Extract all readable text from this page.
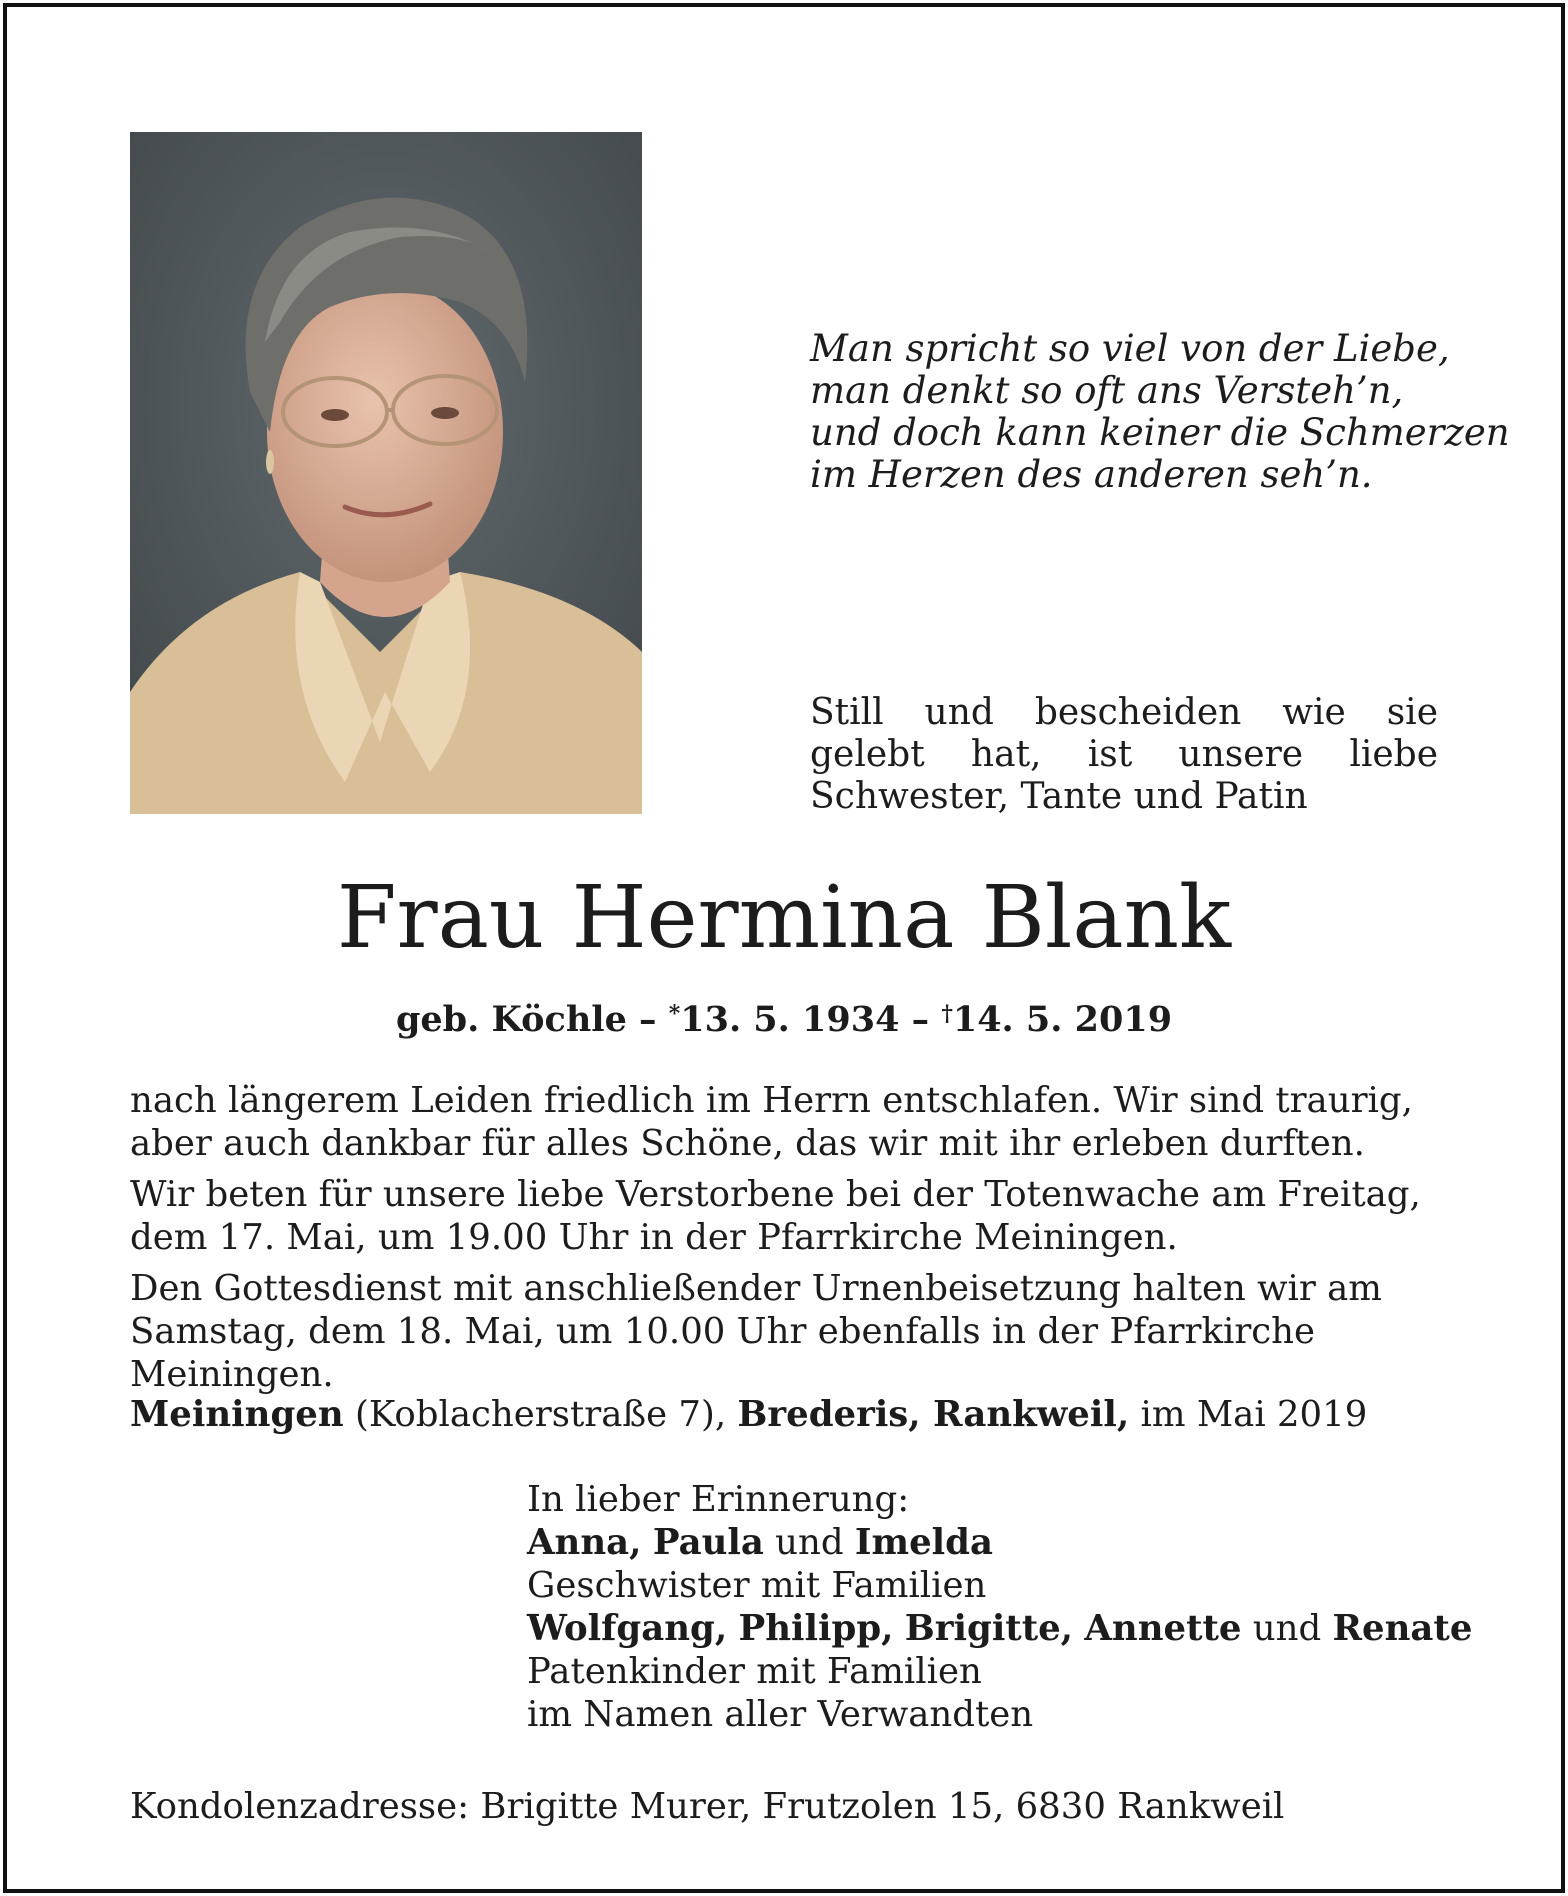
Man spricht so viel von der Liebe,
man denkt so oft ans Versteh’n,
und doch kann keiner die Schmerzen
im Herzen des anderen seh’n.

Still und bescheiden wie sie gelebt hat, ist unsere liebe Schwester, Tante und Patin

Frau Hermina Blank

geb. Köchle – *13. 5. 1934 – †14. 5. 2019

nach längerem Leiden friedlich im Herrn entschlafen. Wir sind traurig, aber auch dankbar für alles Schöne, das wir mit ihr erleben durften.

Wir beten für unsere liebe Verstorbene bei der Totenwache am Freitag, dem 17. Mai, um 19.00 Uhr in der Pfarrkirche Meiningen.

Den Gottesdienst mit anschließender Urnenbeisetzung halten wir am Samstag, dem 18. Mai, um 10.00 Uhr ebenfalls in der Pfarrkirche Meiningen.

Meiningen (Koblacherstraße 7), Brederis, Rankweil, im Mai 2019
In lieber Erinnerung:
Anna, Paula und Imelda
Geschwister mit Familien
Wolfgang, Philipp, Brigitte, Annette und Renate
Patenkinder mit Familien
im Namen aller Verwandten
Kondolenzadresse: Brigitte Murer, Frutzolen 15, 6830 Rankweil
